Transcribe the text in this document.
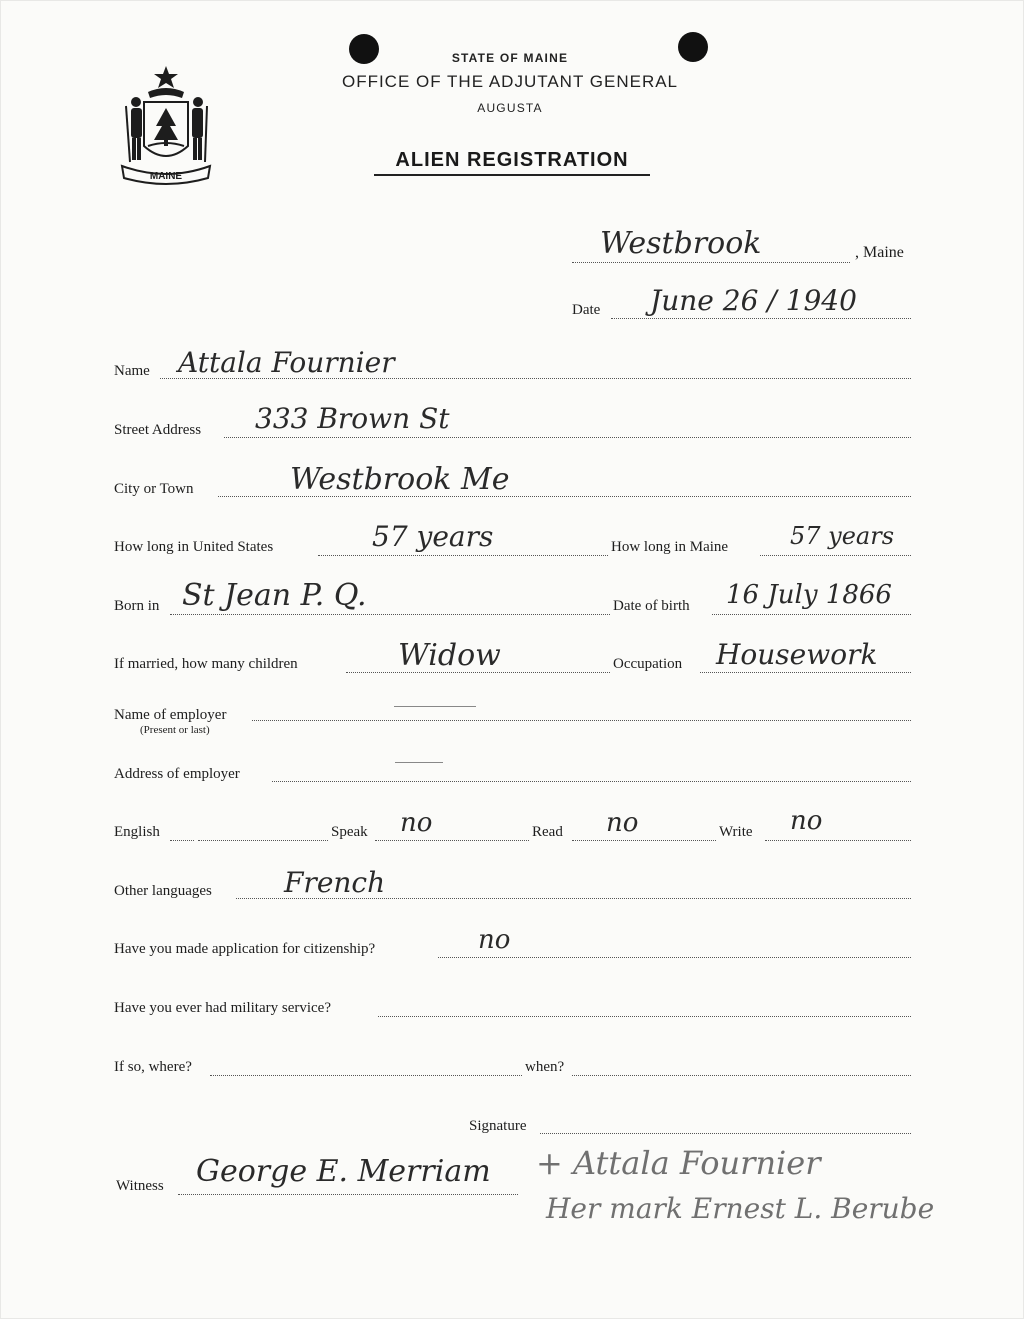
MAINE
STATE OF MAINE
OFFICE OF THE ADJUTANT GENERAL
AUGUSTA
ALIEN REGISTRATION
Westbrook	, Maine
Date June 26 / 1940
Name Attala Fournier
Street Address 333 Brown St
City or Town	Westbrook Me
How long in United States	57 years	How long in Maine	57 years
Born in St Jean P. Q.	Date of birth 16 July 1866
If married, how many children	Widow	Occupation Housework
Name of employer
(Present or last)
Address of employer
English	Speak no	Read no	Write no
Other languages	French
Have you made application for citizenship?	no
Have you ever had military service?
If so, where?	when?
Signature
Witness George E. Merriam + Attala Fournier
Her mark Ernest L. Berube
